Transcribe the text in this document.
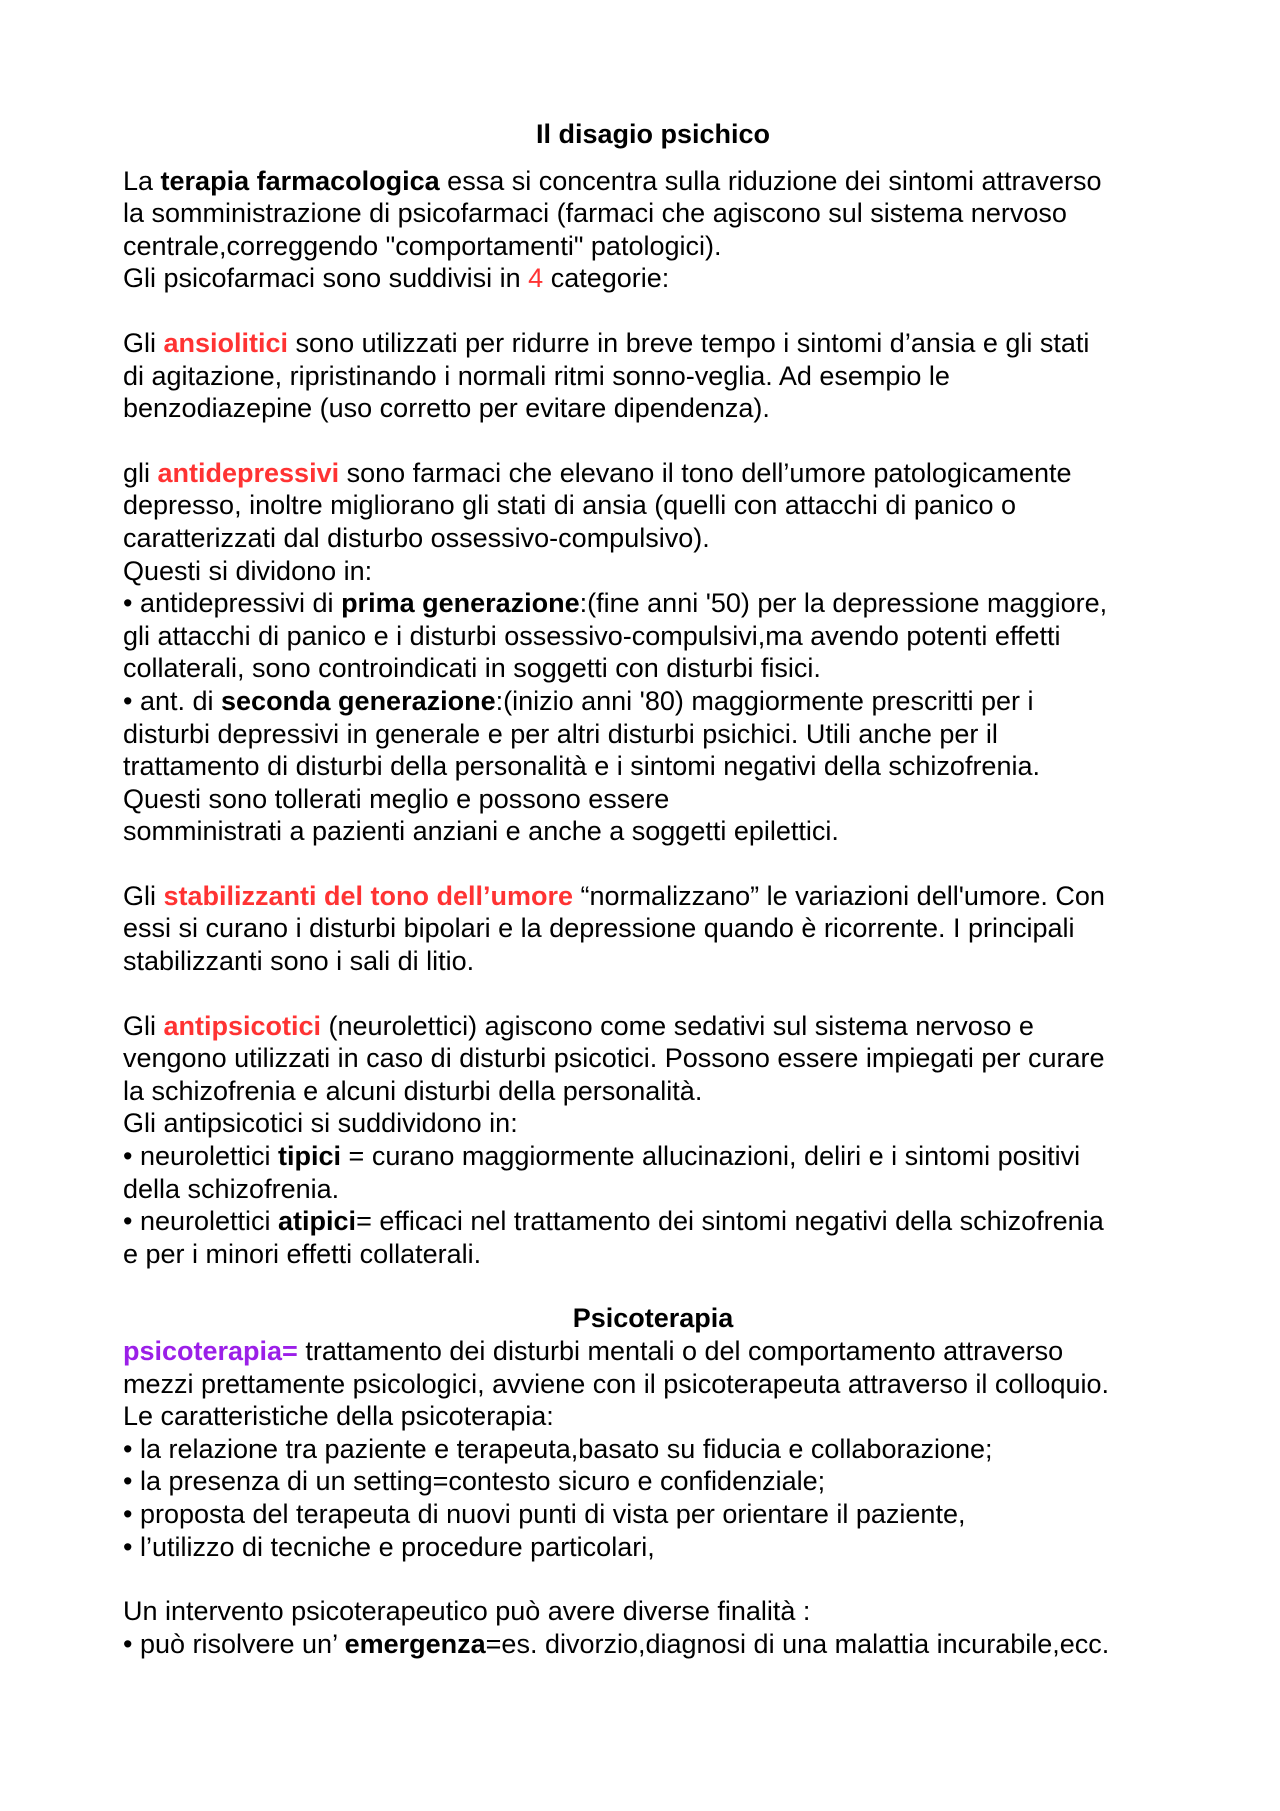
Il disagio psichico

La terapia farmacologica essa si concentra sulla riduzione dei sintomi attraverso

la somministrazione di psicofarmaci (farmaci che agiscono sul sistema nervoso

centrale,correggendo "comportamenti" patologici).

Gli psicofarmaci sono suddivisi in 4 categorie:

Gli ansiolitici sono utilizzati per ridurre in breve tempo i sintomi d’ansia e gli stati

di agitazione, ripristinando i normali ritmi sonno-veglia. Ad esempio le

benzodiazepine (uso corretto per evitare dipendenza).

gli antidepressivi sono farmaci che elevano il tono dell’umore patologicamente

depresso, inoltre migliorano gli stati di ansia (quelli con attacchi di panico o

caratterizzati dal disturbo ossessivo-compulsivo).

Questi si dividono in:

• antidepressivi di prima generazione:(fine anni '50) per la depressione maggiore,

gli attacchi di panico e i disturbi ossessivo-compulsivi,ma avendo potenti effetti

collaterali, sono controindicati in soggetti con disturbi fisici.

• ant. di seconda generazione:(inizio anni '80) maggiormente prescritti per i

disturbi depressivi in generale e per altri disturbi psichici. Utili anche per il

trattamento di disturbi della personalità e i sintomi negativi della schizofrenia.

Questi sono tollerati meglio e possono essere

somministrati a pazienti anziani e anche a soggetti epilettici.

Gli stabilizzanti del tono dell’umore “normalizzano” le variazioni dell'umore. Con

essi si curano i disturbi bipolari e la depressione quando è ricorrente. I principali

stabilizzanti sono i sali di litio.

Gli antipsicotici (neurolettici) agiscono come sedativi sul sistema nervoso e

vengono utilizzati in caso di disturbi psicotici. Possono essere impiegati per curare

la schizofrenia e alcuni disturbi della personalità.

Gli antipsicotici si suddividono in:

• neurolettici tipici = curano maggiormente allucinazioni, deliri e i sintomi positivi

della schizofrenia.

• neurolettici atipici= efficaci nel trattamento dei sintomi negativi della schizofrenia

e per i minori effetti collaterali.

Psicoterapia

psicoterapia= trattamento dei disturbi mentali o del comportamento attraverso

mezzi prettamente psicologici, avviene con il psicoterapeuta attraverso il colloquio.

Le caratteristiche della psicoterapia:

• la relazione tra paziente e terapeuta,basato su fiducia e collaborazione;

• la presenza di un setting=contesto sicuro e confidenziale;

• proposta del terapeuta di nuovi punti di vista per orientare il paziente,

• l’utilizzo di tecniche e procedure particolari,

Un intervento psicoterapeutico può avere diverse finalità :

• può risolvere un’ emergenza=es. divorzio,diagnosi di una malattia incurabile,ecc.
